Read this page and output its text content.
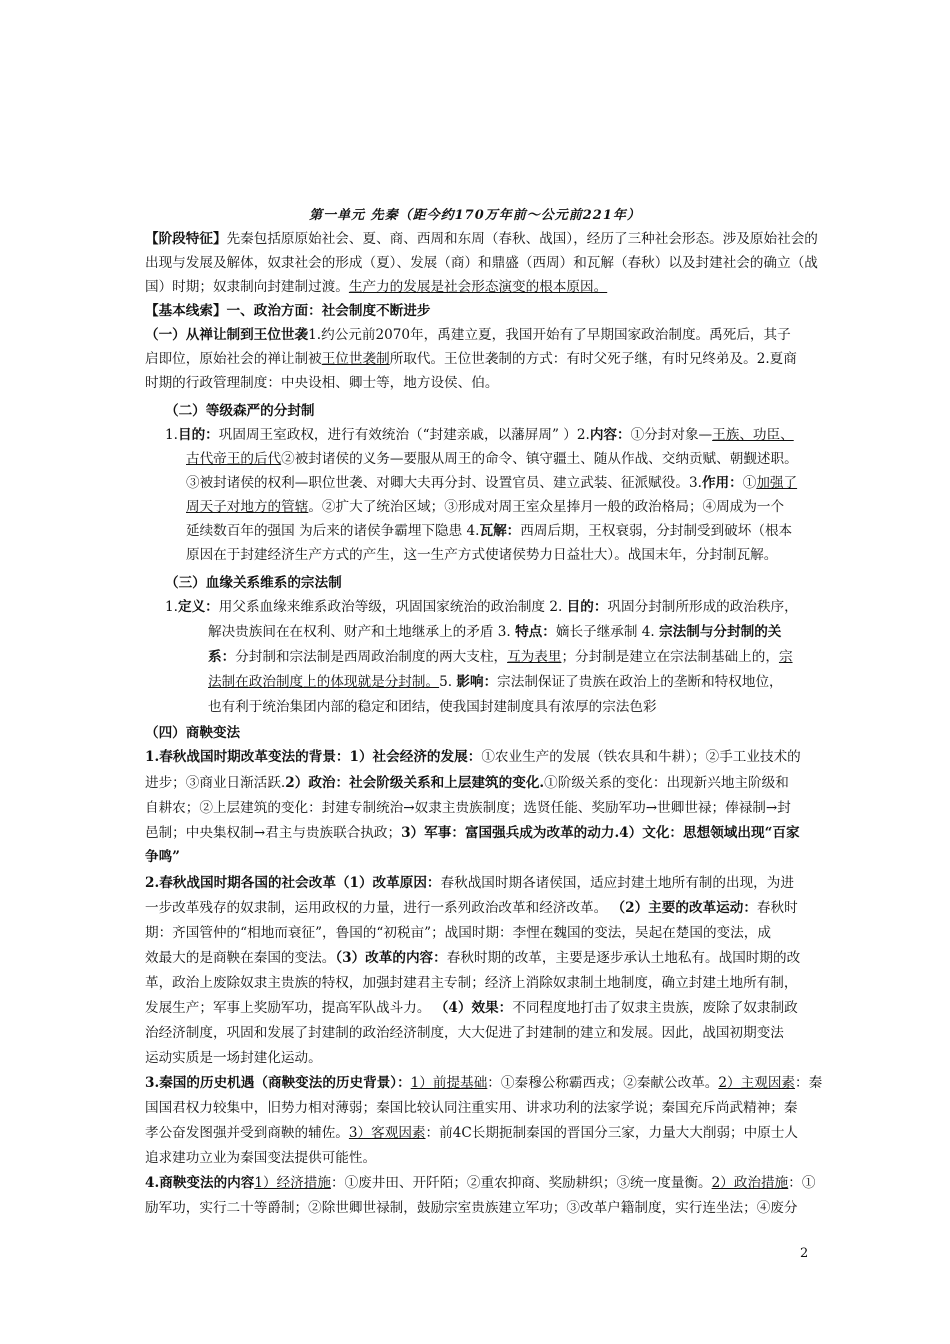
第一单元 先秦（距今约170万年前～公元前221年）
【阶段特征】先秦包括原原始社会、夏、商、西周和东周（春秋、战国），经历了三种社会形态。涉及原始社会的
出现与发展及解体，奴隶社会的形成（夏）、发展（商）和鼎盛（西周）和瓦解（春秋）以及封建社会的确立（战
国）时期；奴隶制向封建制过渡。生产力的发展是社会形态演变的根本原因。
【基本线索】一、政治方面：社会制度不断进步
（一）从禅让制到王位世袭1.约公元前2070年，禹建立夏，我国开始有了早期国家政治制度。禹死后，其子
启即位，原始社会的禅让制被王位世袭制所取代。王位世袭制的方式：有时父死子继，有时兄终弟及。2.夏商
时期的行政管理制度：中央设相、卿士等，地方设侯、伯。
（二）等级森严的分封制
1.目的：巩固周王室政权，进行有效统治（“封建亲戚，以藩屏周” ）2.内容：①分封对象—王族、功臣、
古代帝王的后代②被封诸侯的义务—要服从周王的命令、镇守疆土、随从作战、交纳贡赋、朝觐述职。
③被封诸侯的权利—职位世袭、对卿大夫再分封、设置官员、建立武装、征派赋役。3.作用：①加强了
周天子对地方的管辖。②扩大了统治区域；③形成对周王室众星捧月一般的政治格局；④周成为一个
延续数百年的强国 为后来的诸侯争霸埋下隐患 4.瓦解：西周后期，王权衰弱，分封制受到破坏（根本
原因在于封建经济生产方式的产生，这一生产方式使诸侯势力日益壮大）。战国末年，分封制瓦解。
（三）血缘关系维系的宗法制
1.定义：用父系血缘来维系政治等级，巩固国家统治的政治制度 2. 目的：巩固分封制所形成的政治秩序，
解决贵族间在在权利、财产和土地继承上的矛盾 3. 特点：嫡长子继承制 4. 宗法制与分封制的关
系：分封制和宗法制是西周政治制度的两大支柱，互为表里；分封制是建立在宗法制基础上的，宗
法制在政治制度上的体现就是分封制。5. 影响：宗法制保证了贵族在政治上的垄断和特权地位，
也有利于统治集团内部的稳定和团结，使我国封建制度具有浓厚的宗法色彩
（四）商鞅变法
1.春秋战国时期改革变法的背景：1）社会经济的发展：①农业生产的发展（铁农具和牛耕）；②手工业技术的
进步；③商业日渐活跃.2）政治：社会阶级关系和上层建筑的变化.①阶级关系的变化：出现新兴地主阶级和
自耕农；②上层建筑的变化：封建专制统治→奴隶主贵族制度；选贤任能、奖励军功→世卿世禄；俸禄制→封
邑制；中央集权制→君主与贵族联合执政；3）军事：富国强兵成为改革的动力.4）文化：思想领域出现“百家
争鸣”
2.春秋战国时期各国的社会改革（1）改革原因：春秋战国时期各诸侯国，适应封建土地所有制的出现，为进
一步改革残存的奴隶制，运用政权的力量，进行一系列政治改革和经济改革。 （2）主要的改革运动：春秋时
期：齐国管仲的“相地而衰征”，鲁国的“初税亩”；战国时期：李悝在魏国的变法，吴起在楚国的变法，成
效最大的是商鞅在秦国的变法。（3）改革的内容：春秋时期的改革，主要是逐步承认土地私有。战国时期的改
革，政治上废除奴隶主贵族的特权，加强封建君主专制；经济上消除奴隶制土地制度，确立封建土地所有制，
发展生产；军事上奖励军功，提高军队战斗力。 （4）效果：不同程度地打击了奴隶主贵族，废除了奴隶制政
治经济制度，巩固和发展了封建制的政治经济制度，大大促进了封建制的建立和发展。因此，战国初期变法
运动实质是一场封建化运动。
3.秦国的历史机遇（商鞅变法的历史背景）：1）前提基础：①秦穆公称霸西戎；②秦献公改革。2）主观因素：秦
国国君权力较集中，旧势力相对薄弱；秦国比较认同注重实用、讲求功利的法家学说；秦国充斥尚武精神；秦
孝公奋发图强并受到商鞅的辅佐。3）客观因素：前4C长期扼制秦国的晋国分三家，力量大大削弱；中原士人
追求建功立业为秦国变法提供可能性。
4.商鞅变法的内容1）经济措施：①废井田、开阡陌；②重农抑商、奖励耕织；③统一度量衡。2）政治措施：①
励军功，实行二十等爵制；②除世卿世禄制，鼓励宗室贵族建立军功；③改革户籍制度，实行连坐法；④废分
2
